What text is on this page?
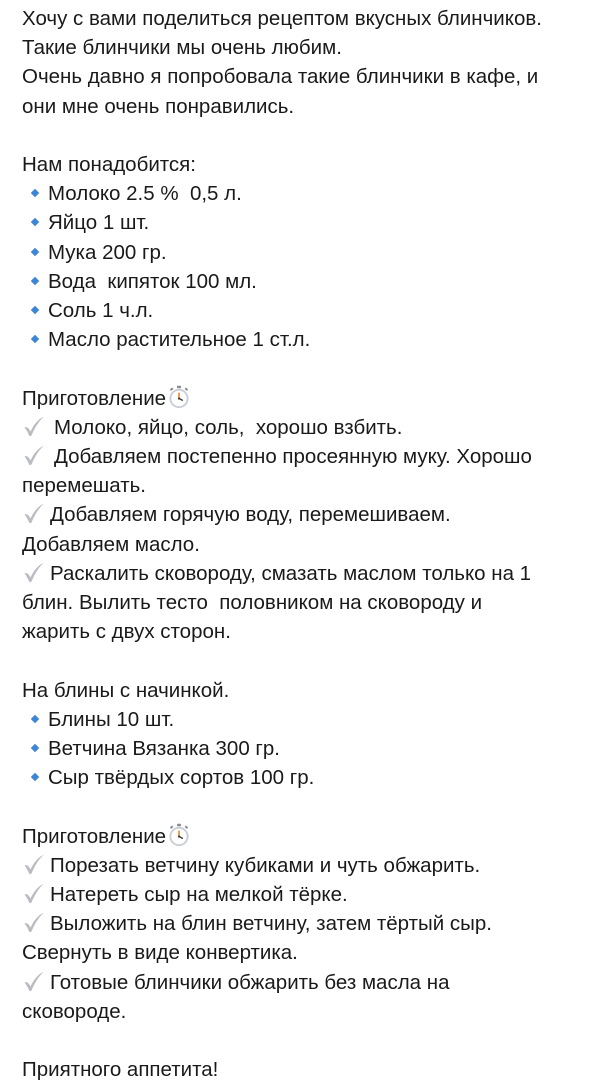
Хочу с вами поделиться рецептом вкусных блинчиков.

Такие блинчики мы очень любим.

Очень давно я попробовала такие блинчики в кафе, и

они мне очень понравились.

Нам понадобится:

Молоко 2.5 %  0,5 л.
Яйцо 1 шт.
Мука 200 гр.
Вода  кипяток 100 мл.
Соль 1 ч.л.
Масло растительное 1 ст.л.

Приготовление

Молоко, яйцо, соль,  хорошо взбить.

Добавляем постепенно просеянную муку. Хорошо

перемешать.

Добавляем горячую воду, перемешиваем.

Добавляем масло.

Раскалить сковороду, смазать маслом только на 1

блин. Вылить тесто  половником на сковороду и

жарить с двух сторон.

На блины с начинкой.

Блины 10 шт.
Ветчина Вязанка 300 гр.
Сыр твёрдых сортов 100 гр.

Приготовление

Порезать ветчину кубиками и чуть обжарить.

Натереть сыр на мелкой тёрке.

Выложить на блин ветчину, затем тёртый сыр.

Свернуть в виде конвертика.

Готовые блинчики обжарить без масла на

сковороде.

Приятного аппетита!
